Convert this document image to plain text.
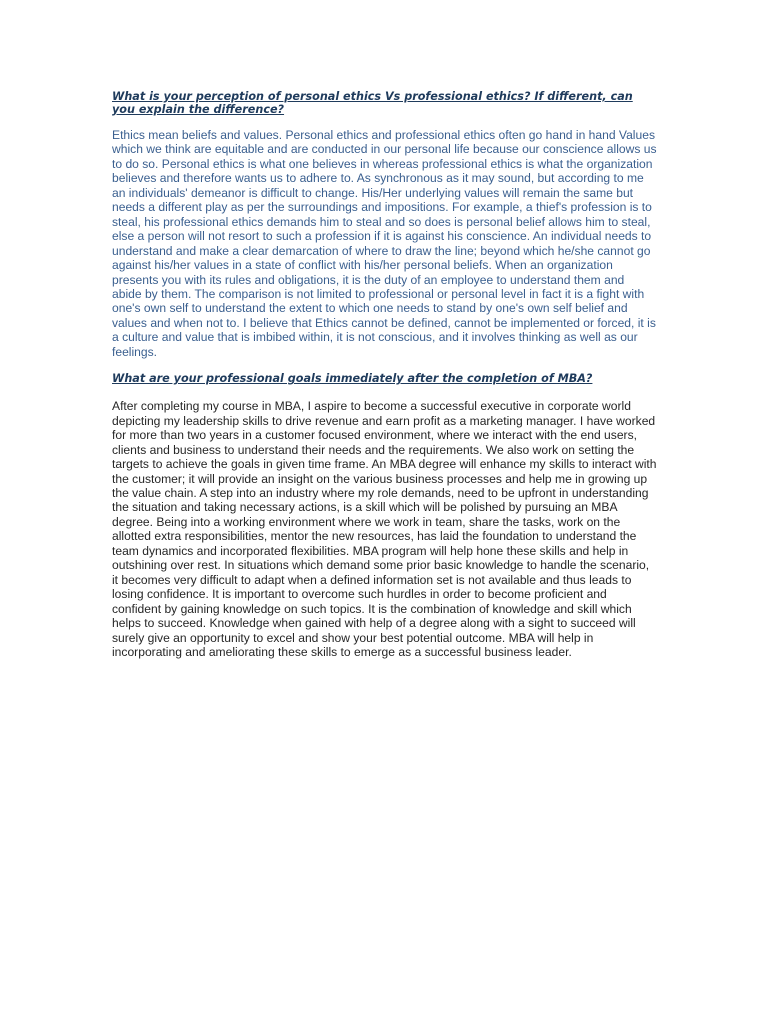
What is your perception of personal ethics Vs professional ethics? If different, can you explain the difference?

Ethics mean beliefs and values. Personal ethics and professional ethics often go hand in hand Values which we think are equitable and are conducted in our personal life because our conscience allows us to do so. Personal ethics is what one believes in whereas professional ethics is what the organization believes and therefore wants us to adhere to. As synchronous as it may sound, but according to me an individuals' demeanor is difficult to change. His/Her underlying values will remain the same but needs a different play as per the surroundings and impositions. For example, a thief's profession is to steal, his professional ethics demands him to steal and so does is personal belief allows him to steal, else a person will not resort to such a profession if it is against his conscience. An individual needs to understand and make a clear demarcation of where to draw the line; beyond which he/she cannot go against his/her values in a state of conflict with his/her personal beliefs. When an organization presents you with its rules and obligations, it is the duty of an employee to understand them and abide by them. The comparison is not limited to professional or personal level in fact it is a fight with one's own self to understand the extent to which one needs to stand by one's own self belief and values and when not to. I believe that Ethics cannot be defined, cannot be implemented or forced, it is a culture and value that is imbibed within, it is not conscious, and it involves thinking as well as our feelings.

What are your professional goals immediately after the completion of MBA?

After completing my course in MBA, I aspire to become a successful executive in corporate world depicting my leadership skills to drive revenue and earn profit as a marketing manager. I have worked for more than two years in a customer focused environment, where we interact with the end users, clients and business to understand their needs and the requirements. We also work on setting the targets to achieve the goals in given time frame. An MBA degree will enhance my skills to interact with the customer; it will provide an insight on the various business processes and help me in growing up the value chain. A step into an industry where my role demands, need to be upfront in understanding the situation and taking necessary actions, is a skill which will be polished by pursuing an MBA degree. Being into a working environment where we work in team, share the tasks, work on the allotted extra responsibilities, mentor the new resources, has laid the foundation to understand the team dynamics and incorporated flexibilities. MBA program will help hone these skills and help in outshining over rest. In situations which demand some prior basic knowledge to handle the scenario, it becomes very difficult to adapt when a defined information set is not available and thus leads to losing confidence. It is important to overcome such hurdles in order to become proficient and confident by gaining knowledge on such topics. It is the combination of knowledge and skill which helps to succeed. Knowledge when gained with help of a degree along with a sight to succeed will surely give an opportunity to excel and show your best potential outcome. MBA will help in incorporating and ameliorating these skills to emerge as a successful business leader.
